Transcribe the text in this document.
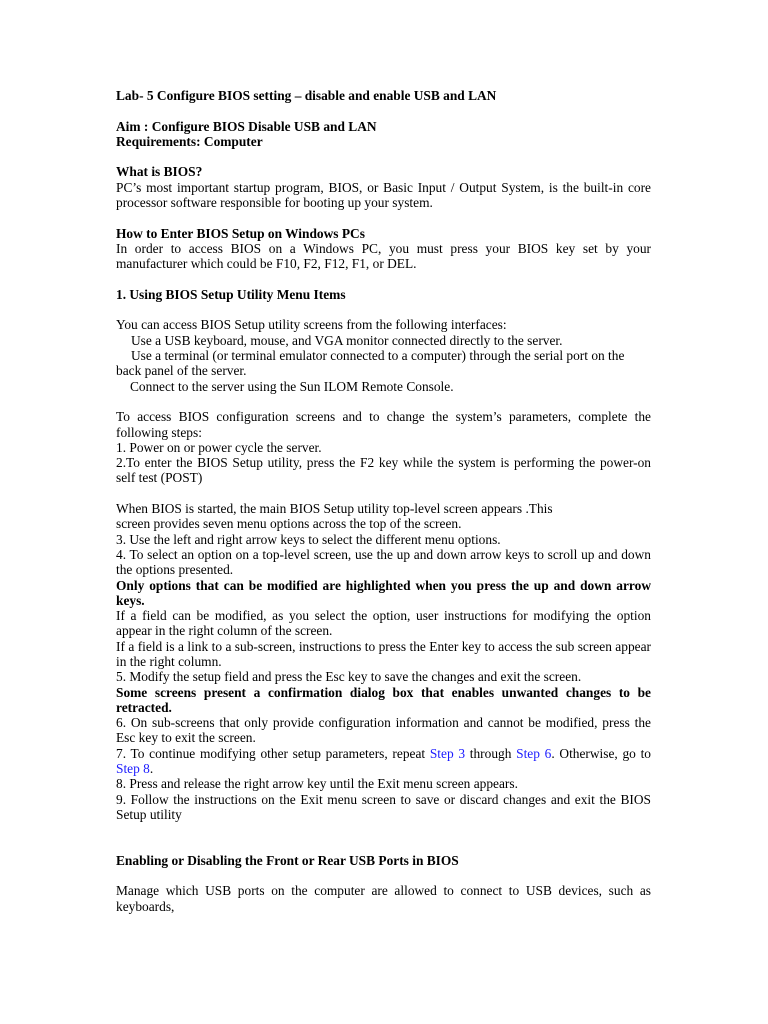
Lab- 5 Configure BIOS setting – disable and enable USB and LAN

Aim : Configure BIOS Disable USB and LAN

Requirements: Computer

What is BIOS?

PC’s most important startup program, BIOS, or Basic Input / Output System, is the built-in core processor software responsible for booting up your system.

How to Enter BIOS Setup on Windows PCs

In order to access BIOS on a Windows PC, you must press your BIOS key set by your manufacturer which could be F10, F2, F12, F1, or DEL.

1. Using BIOS Setup Utility Menu Items

You can access BIOS Setup utility screens from the following interfaces:

Use a USB keyboard, mouse, and VGA monitor connected directly to the server.

Use a terminal (or terminal emulator connected to a computer) through the serial port on the

back panel of the server.

Connect to the server using the Sun ILOM Remote Console.

To access BIOS configuration screens and to change the system’s parameters, complete the following steps:

1. Power on or power cycle the server.

2.To enter the BIOS Setup utility, press the F2 key while the system is performing the power-on self test (POST)

When BIOS is started, the main BIOS Setup utility top-level screen appears .This

screen provides seven menu options across the top of the screen.

3. Use the left and right arrow keys to select the different menu options.

4. To select an option on a top-level screen, use the up and down arrow keys to scroll up and down the options presented.

Only options that can be modified are highlighted when you press the up and down arrow keys.

If a field can be modified, as you select the option, user instructions for modifying the option appear in the right column of the screen.

If a field is a link to a sub-screen, instructions to press the Enter key to access the sub screen appear in the right column.

5. Modify the setup field and press the Esc key to save the changes and exit the screen.

Some screens present a confirmation dialog box that enables unwanted changes to be retracted.

6. On sub-screens that only provide configuration information and cannot be modified, press the Esc key to exit the screen.

7. To continue modifying other setup parameters, repeat Step 3 through Step 6. Otherwise, go to Step 8.

8. Press and release the right arrow key until the Exit menu screen appears.

9. Follow the instructions on the Exit menu screen to save or discard changes and exit the BIOS Setup utility

Enabling or Disabling the Front or Rear USB Ports in BIOS

Manage which USB ports on the computer are allowed to connect to USB devices, such as keyboards,
